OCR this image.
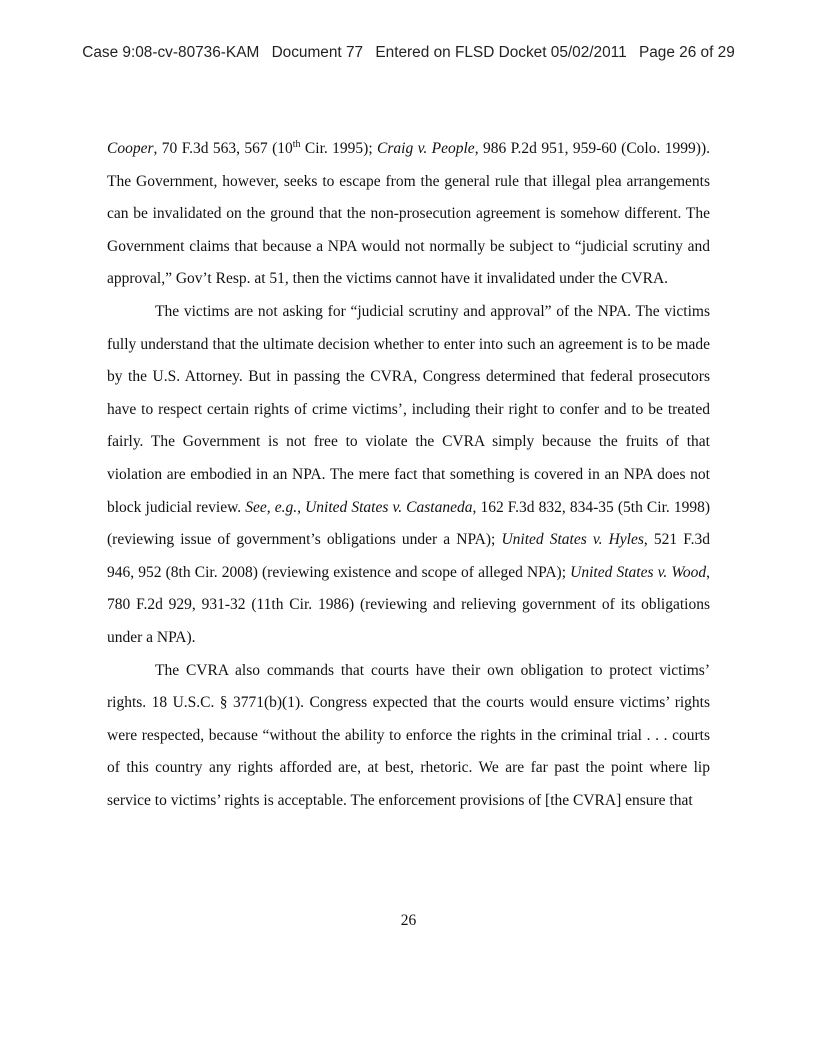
Case 9:08-cv-80736-KAM Document 77 Entered on FLSD Docket 05/02/2011 Page 26 of 29

Cooper, 70 F.3d 563, 567 (10th Cir. 1995); Craig v. People, 986 P.2d 951, 959-60 (Colo. 1999)). The Government, however, seeks to escape from the general rule that illegal plea arrangements can be invalidated on the ground that the non-prosecution agreement is somehow different. The Government claims that because a NPA would not normally be subject to “judicial scrutiny and approval,” Gov’t Resp. at 51, then the victims cannot have it invalidated under the CVRA.

The victims are not asking for “judicial scrutiny and approval” of the NPA. The victims fully understand that the ultimate decision whether to enter into such an agreement is to be made by the U.S. Attorney. But in passing the CVRA, Congress determined that federal prosecutors have to respect certain rights of crime victims’, including their right to confer and to be treated fairly. The Government is not free to violate the CVRA simply because the fruits of that violation are embodied in an NPA. The mere fact that something is covered in an NPA does not block judicial review. See, e.g., United States v. Castaneda, 162 F.3d 832, 834-35 (5th Cir. 1998) (reviewing issue of government’s obligations under a NPA); United States v. Hyles, 521 F.3d 946, 952 (8th Cir. 2008) (reviewing existence and scope of alleged NPA); United States v. Wood, 780 F.2d 929, 931-32 (11th Cir. 1986) (reviewing and relieving government of its obligations under a NPA).

The CVRA also commands that courts have their own obligation to protect victims’ rights. 18 U.S.C. § 3771(b)(1). Congress expected that the courts would ensure victims’ rights were respected, because “without the ability to enforce the rights in the criminal trial . . . courts of this country any rights afforded are, at best, rhetoric. We are far past the point where lip service to victims’ rights is acceptable. The enforcement provisions of [the CVRA] ensure that

26
